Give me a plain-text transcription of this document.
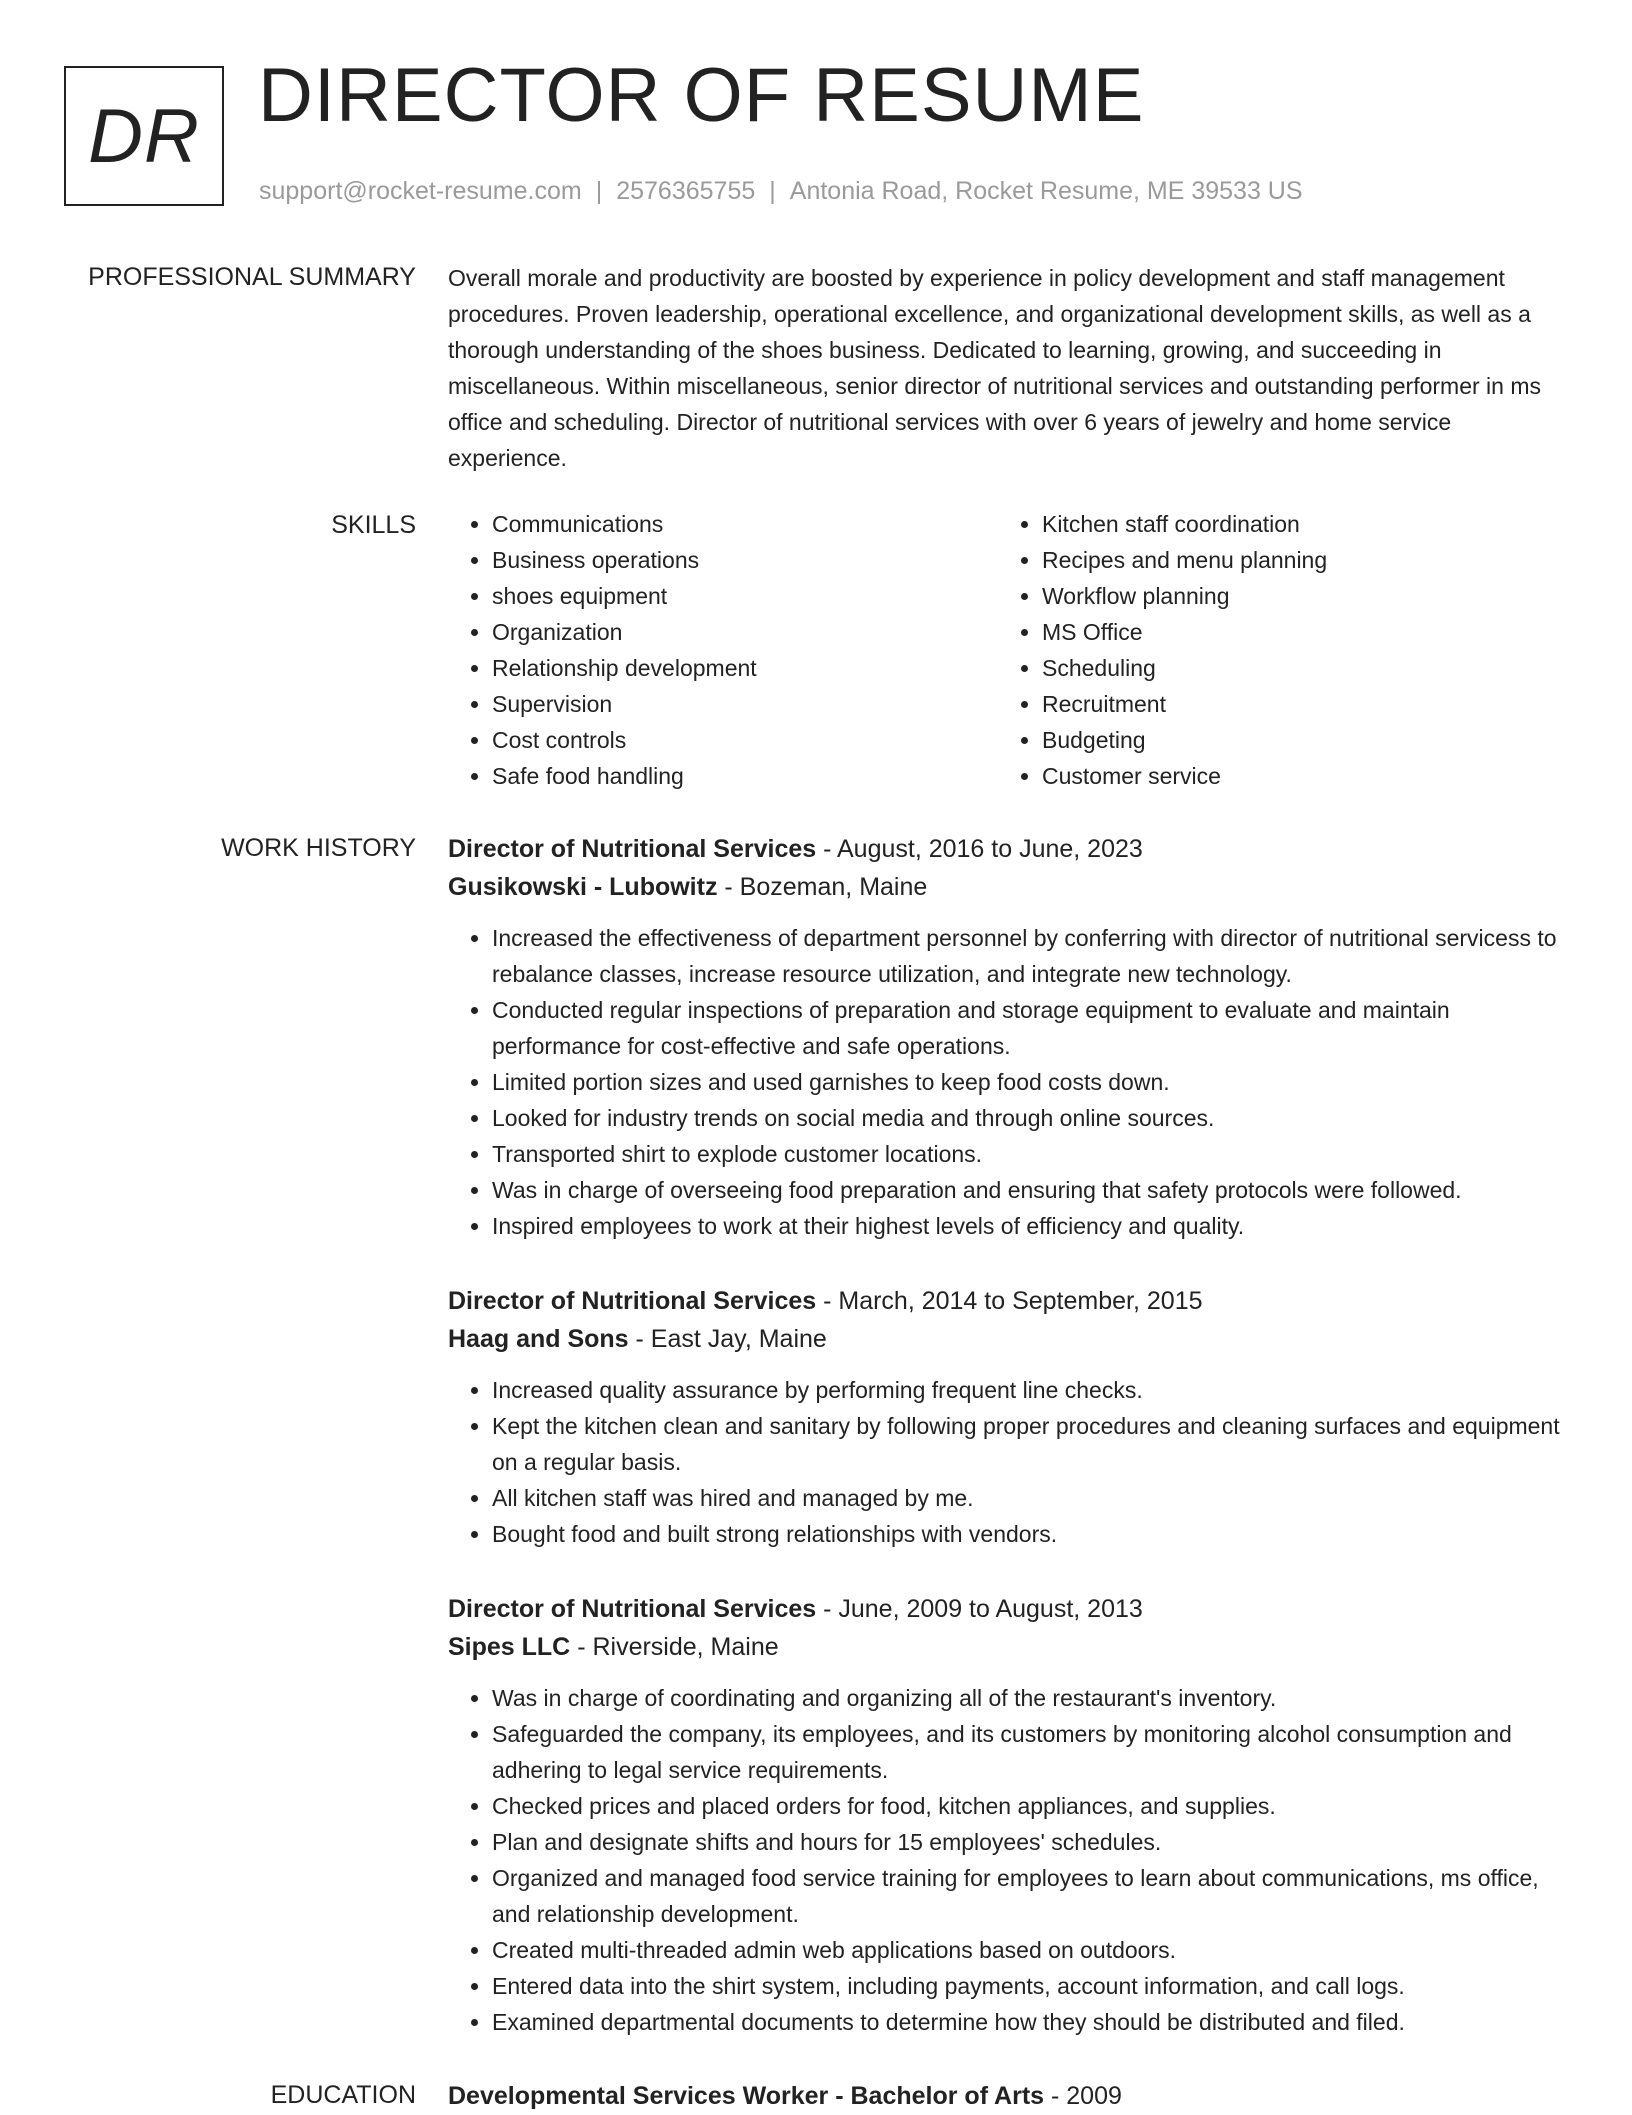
DR DIRECTOR OF RESUME
support@rocket-resume.com | 2576365755 | Antonia Road, Rocket Resume, ME 39533 US
PROFESSIONAL SUMMARY Overall morale and productivity are boosted by experience in policy development and staff management procedures. Proven leadership, operational excellence, and organizational development skills, as well as a thorough understanding of the shoes business. Dedicated to learning, growing, and succeeding in miscellaneous. Within miscellaneous, senior director of nutritional services and outstanding performer in ms office and scheduling. Director of nutritional services with over 6 years of jewelry and home service experience.

SKILLS
•	Communications
• Business operations
• shoes equipment
• Organization
• Relationship development
• Supervision
• Cost controls
• Safe food handling
• Kitchen staff coordination
• Recipes and menu planning
• Workflow planning
• MS Office
• Scheduling
• Recruitment
• Budgeting
• Customer service
WORK HISTORY Director of Nutritional Services - August, 2016 to June, 2023
Gusikowski - Lubowitz - Bozeman, Maine
• Increased the effectiveness of department personnel by conferring with director of nutritional servicess to rebalance classes, increase resource utilization, and integrate new technology.
• Conducted regular inspections of preparation and storage equipment to evaluate and maintain performance for cost-effective and safe operations.
• Limited portion sizes and used garnishes to keep food costs down.
• Looked for industry trends on social media and through online sources.
• Transported shirt to explode customer locations.
• Was in charge of overseeing food preparation and ensuring that safety protocols were followed.
• Inspired employees to work at their highest levels of efficiency and quality.
Director of Nutritional Services - March, 2014 to September, 2015
Haag and Sons - East Jay, Maine
• Increased quality assurance by performing frequent line checks.
• Kept the kitchen clean and sanitary by following proper procedures and cleaning surfaces and equipment on a regular basis.
• All kitchen staff was hired and managed by me.
• Bought food and built strong relationships with vendors.
Director of Nutritional Services - June, 2009 to August, 2013
Sipes LLC - Riverside, Maine
• Was in charge of coordinating and organizing all of the restaurant's inventory.
• Safeguarded the company, its employees, and its customers by monitoring alcohol consumption and adhering to legal service requirements.
• Checked prices and placed orders for food, kitchen appliances, and supplies.
• Plan and designate shifts and hours for 15 employees' schedules.
• Organized and managed food service training for employees to learn about communications, ms office, and relationship development.
• Created multi-threaded admin web applications based on outdoors.
• Entered data into the shirt system, including payments, account information, and call logs.
• Examined departmental documents to determine how they should be distributed and filed.
EDUCATION Developmental Services Worker - Bachelor of Arts - 2009
